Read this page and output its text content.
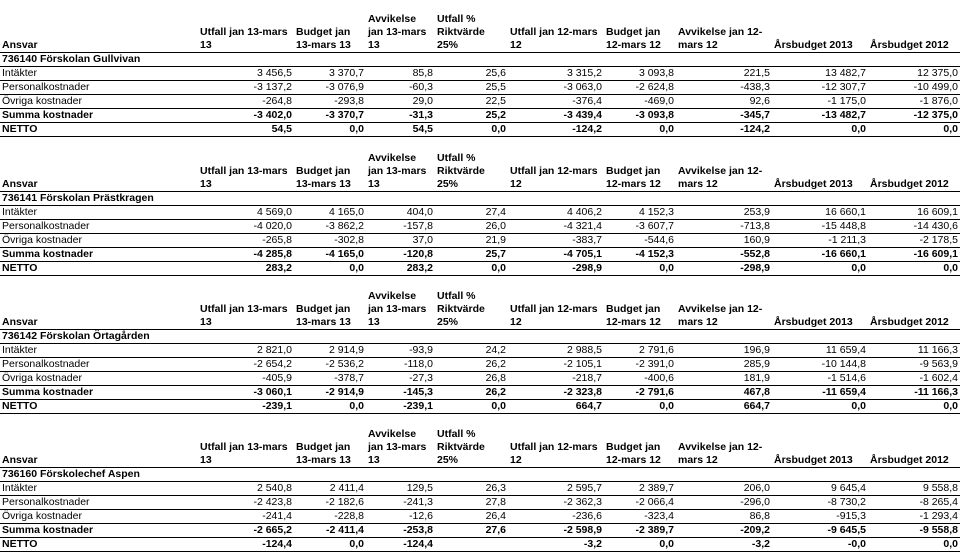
Ansvar	Utfall jan 13-mars 13	Budget jan 13-mars 13	Avvikelse jan 13-mars 13	Utfall % Riktvärde 25%	Utfall jan 12-mars 12	Budget jan 12-mars 12	Avvikelse jan 12-mars 12	Årsbudget 2013	Årsbudget 2012
736140 Förskolan Gullvivan									
Intäkter	3 456,5	3 370,7	85,8	25,6	3 315,2	3 093,8	221,5	13 482,7	12 375,0
Personalkostnader	-3 137,2	-3 076,9	-60,3	25,5	-3 063,0	-2 624,8	-438,3	-12 307,7	-10 499,0
Övriga kostnader	-264,8	-293,8	29,0	22,5	-376,4	-469,0	92,6	-1 175,0	-1 876,0
Summa kostnader	-3 402,0	-3 370,7	-31,3	25,2	-3 439,4	-3 093,8	-345,7	-13 482,7	-12 375,0
NETTO	54,5	0,0	54,5	0,0	-124,2	0,0	-124,2	0,0	0,0
Ansvar	Utfall jan 13-mars 13	Budget jan 13-mars 13	Avvikelse jan 13-mars 13	Utfall % Riktvärde 25%	Utfall jan 12-mars 12	Budget jan 12-mars 12	Avvikelse jan 12-mars 12	Årsbudget 2013	Årsbudget 2012
736141 Förskolan Prästkragen									
Intäkter	4 569,0	4 165,0	404,0	27,4	4 406,2	4 152,3	253,9	16 660,1	16 609,1
Personalkostnader	-4 020,0	-3 862,2	-157,8	26,0	-4 321,4	-3 607,7	-713,8	-15 448,8	-14 430,6
Övriga kostnader	-265,8	-302,8	37,0	21,9	-383,7	-544,6	160,9	-1 211,3	-2 178,5
Summa kostnader	-4 285,8	-4 165,0	-120,8	25,7	-4 705,1	-4 152,3	-552,8	-16 660,1	-16 609,1
NETTO	283,2	0,0	283,2	0,0	-298,9	0,0	-298,9	0,0	0,0
Ansvar	Utfall jan 13-mars 13	Budget jan 13-mars 13	Avvikelse jan 13-mars 13	Utfall % Riktvärde 25%	Utfall jan 12-mars 12	Budget jan 12-mars 12	Avvikelse jan 12-mars 12	Årsbudget 2013	Årsbudget 2012
736142 Förskolan Örtagården									
Intäkter	2 821,0	2 914,9	-93,9	24,2	2 988,5	2 791,6	196,9	11 659,4	11 166,3
Personalkostnader	-2 654,2	-2 536,2	-118,0	26,2	-2 105,1	-2 391,0	285,9	-10 144,8	-9 563,9
Övriga kostnader	-405,9	-378,7	-27,3	26,8	-218,7	-400,6	181,9	-1 514,6	-1 602,4
Summa kostnader	-3 060,1	-2 914,9	-145,3	26,2	-2 323,8	-2 791,6	467,8	-11 659,4	-11 166,3
NETTO	-239,1	0,0	-239,1	0,0	664,7	0,0	664,7	0,0	0,0
Ansvar	Utfall jan 13-mars 13	Budget jan 13-mars 13	Avvikelse jan 13-mars 13	Utfall % Riktvärde 25%	Utfall jan 12-mars 12	Budget jan 12-mars 12	Avvikelse jan 12-mars 12	Årsbudget 2013	Årsbudget 2012
736160 Förskolechef Aspen									
Intäkter	2 540,8	2 411,4	129,5	26,3	2 595,7	2 389,7	206,0	9 645,4	9 558,8
Personalkostnader	-2 423,8	-2 182,6	-241,3	27,8	-2 362,3	-2 066,4	-296,0	-8 730,2	-8 265,4
Övriga kostnader	-241,4	-228,8	-12,6	26,4	-236,6	-323,4	86,8	-915,3	-1 293,4
Summa kostnader	-2 665,2	-2 411,4	-253,8	27,6	-2 598,9	-2 389,7	-209,2	-9 645,5	-9 558,8
NETTO	-124,4	0,0	-124,4		-3,2	0,0	-3,2	-0,0	0,0
